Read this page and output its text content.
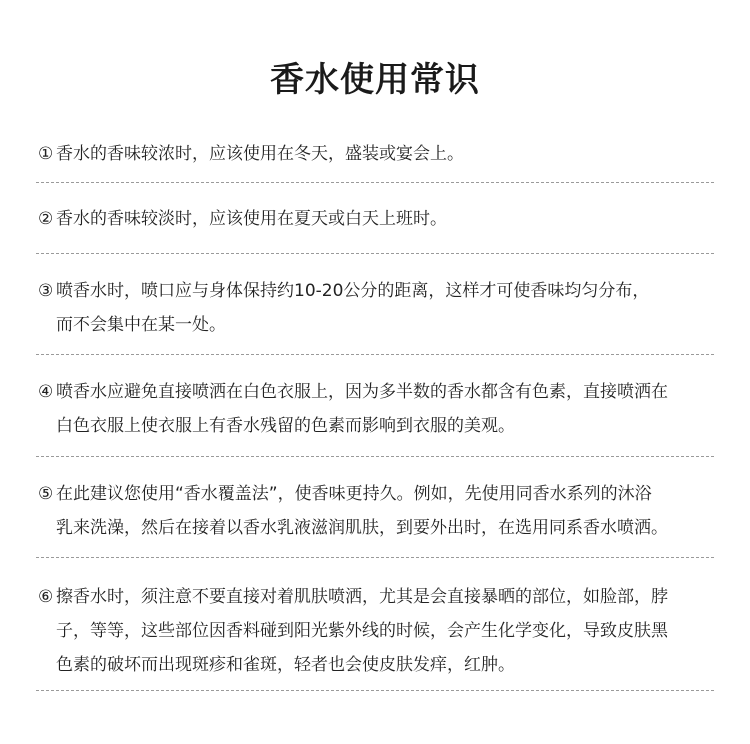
香水使用常识
① 香水的香味较浓时，应该使用在冬天，盛装或宴会上。
② 香水的香味较淡时，应该使用在夏天或白天上班时。
③ 喷香水时，喷口应与身体保持约10-20公分的距离，这样才可使香味均匀分布，
而不会集中在某一处。
④ 喷香水应避免直接喷洒在白色衣服上，因为多半数的香水都含有色素，直接喷洒在
白色衣服上使衣服上有香水残留的色素而影响到衣服的美观。
⑤ 在此建议您使用“香水覆盖法”，使香味更持久。例如，先使用同香水系列的沐浴
乳来洗澡，然后在接着以香水乳液滋润肌肤，到要外出时，在选用同系香水喷洒。
⑥ 擦香水时，须注意不要直接对着肌肤喷洒，尤其是会直接暴晒的部位，如脸部，脖
子，等等，这些部位因香料碰到阳光紫外线的时候，会产生化学变化，导致皮肤黑
色素的破坏而出现斑疹和雀斑，轻者也会使皮肤发痒，红肿。
